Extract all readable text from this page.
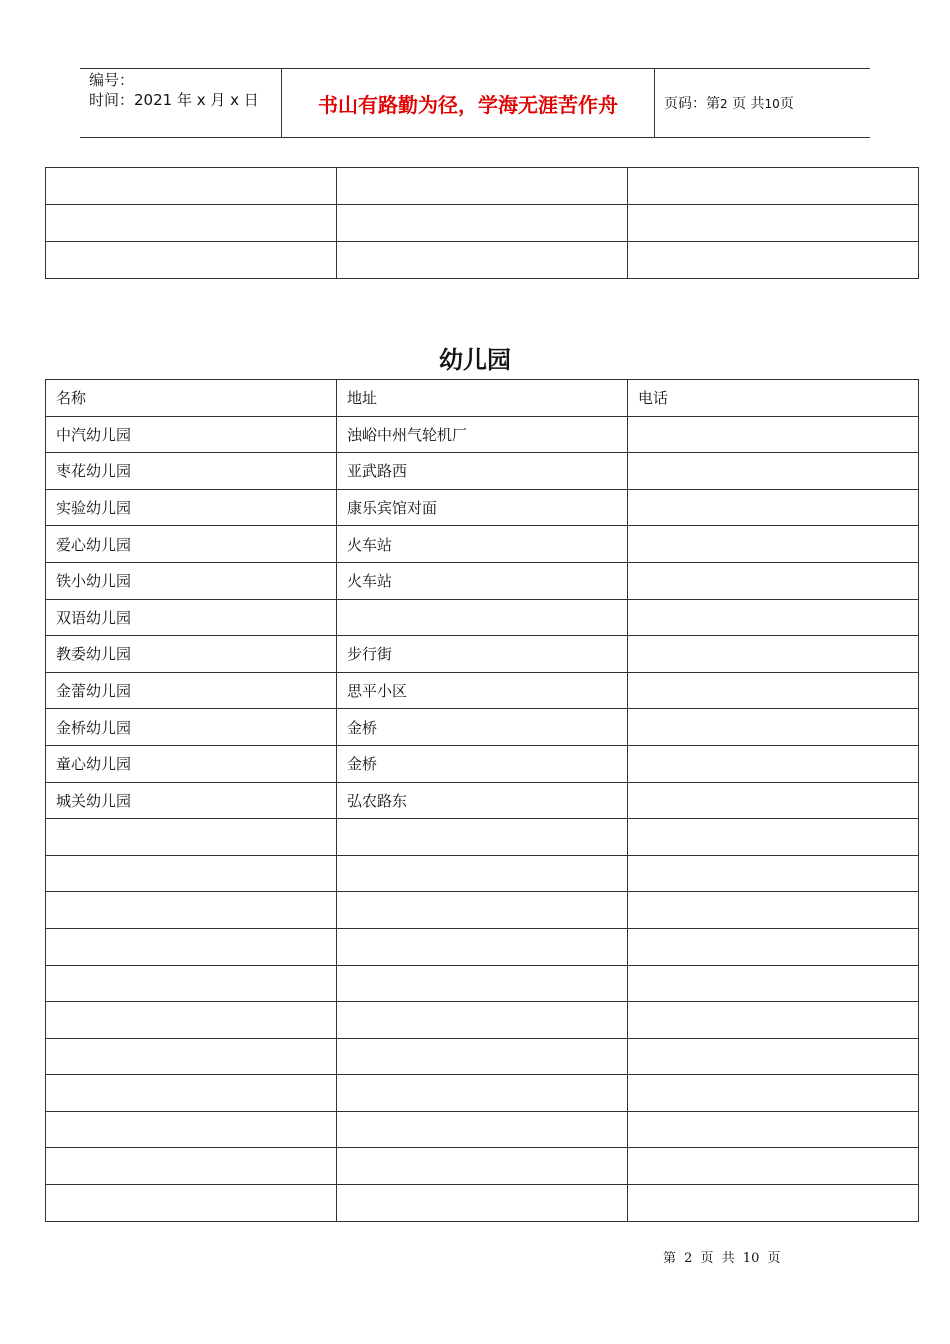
编号：
时间：2021 年 x 月 x 日	书山有路勤为径，学海无涯苦作舟	页码：第2 页 共10页

幼儿园
名称	地址	电话
中汽幼儿园	浊峪中州气轮机厂	
枣花幼儿园	亚武路西	
实验幼儿园	康乐宾馆对面	
爱心幼儿园	火车站	
铁小幼儿园	火车站	
双语幼儿园		
教委幼儿园	步行街	
金蕾幼儿园	思平小区	
金桥幼儿园	金桥	
童心幼儿园	金桥	
城关幼儿园	弘农路东	

第 2 页 共 10 页
